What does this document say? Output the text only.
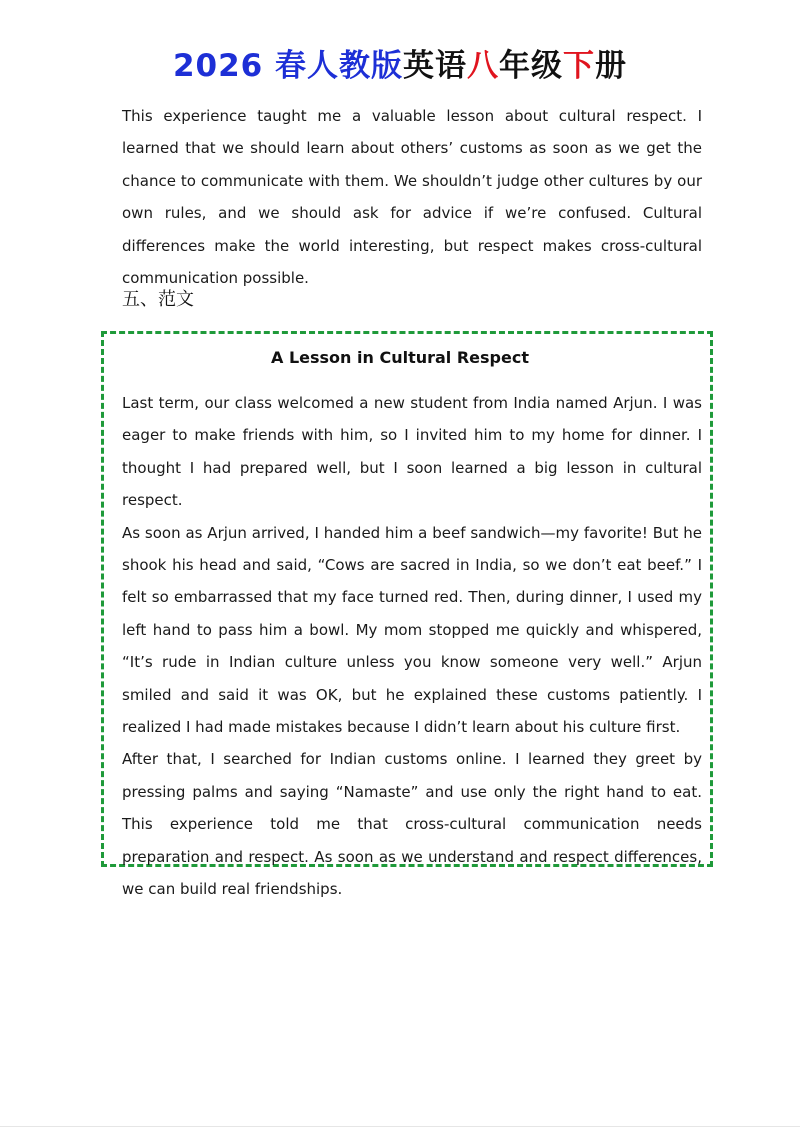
2026 春人教版英语八年级下册

This experience taught me a valuable lesson about cultural respect. I learned that we should learn about others’ customs as soon as we get the chance to communicate with them. We shouldn’t judge other cultures by our own rules, and we should ask for advice if we’re confused. Cultural differences make the world interesting, but respect makes cross-cultural communication possible.

五、范文
A Lesson in Cultural Respect

Last term, our class welcomed a new student from India named Arjun. I was eager to make friends with him, so I invited him to my home for dinner. I thought I had prepared well, but I soon learned a big lesson in cultural respect.

As soon as Arjun arrived, I handed him a beef sandwich—my favorite! But he shook his head and said, “Cows are sacred in India, so we don’t eat beef.” I felt so embarrassed that my face turned red. Then, during dinner, I used my left hand to pass him a bowl. My mom stopped me quickly and whispered, “It’s rude in Indian culture unless you know someone very well.” Arjun smiled and said it was OK, but he explained these customs patiently. I realized I had made mistakes because I didn’t learn about his culture first.

After that, I searched for Indian customs online. I learned they greet by pressing palms and saying “Namaste” and use only the right hand to eat. This experience told me that cross-cultural communication needs preparation and respect. As soon as we understand and respect differences, we can build real friendships.
